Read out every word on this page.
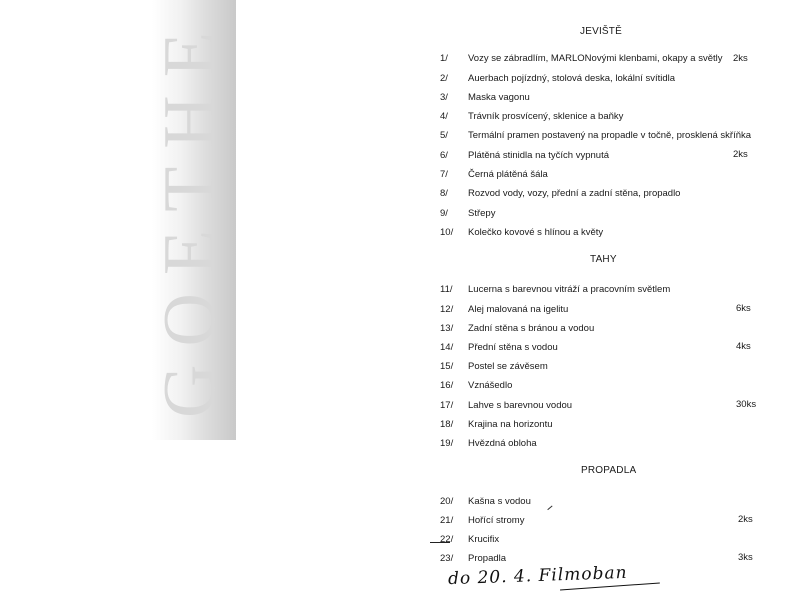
GOETHE	JEVIŠTĚ
1/ Vozy se zábradlím, MARLONovými klenbami, okapy a světly 2ks
2/ Auerbach pojízdný, stolová deska, lokální svítidla
3/ Maska vagonu
4/ Trávník prosvícený, sklenice a baňky
5/ Termální pramen postavený na propadle v točně, prosklená skříňka
6/ Plátěná stinidla na tyčích vypnutá	2ks
7/ Černá plátěná šála
8/ Rozvod vody, vozy, přední a zadní stěna, propadlo
9/ Střepy
10/ Kolečko kovové s hlínou a květy
TAHY
11/ Lucerna s barevnou vitráží a pracovním světlem
12/ Alej malovaná na igelitu	6ks
13/ Zadní stěna s bránou a vodou
14/ Přední stěna s vodou	4ks
15/ Postel se závěsem
16/ Vznášedlo
17/ Lahve s barevnou vodou	30ks
18/ Krajina na horizontu
19/ Hvězdná obloha
PROPADLA
20/ Kašna s vodou
21/ Hořící stromy	2ks
22/ Krucifix
23/ Propadla	3ks
do 20. 4. Filmoban
